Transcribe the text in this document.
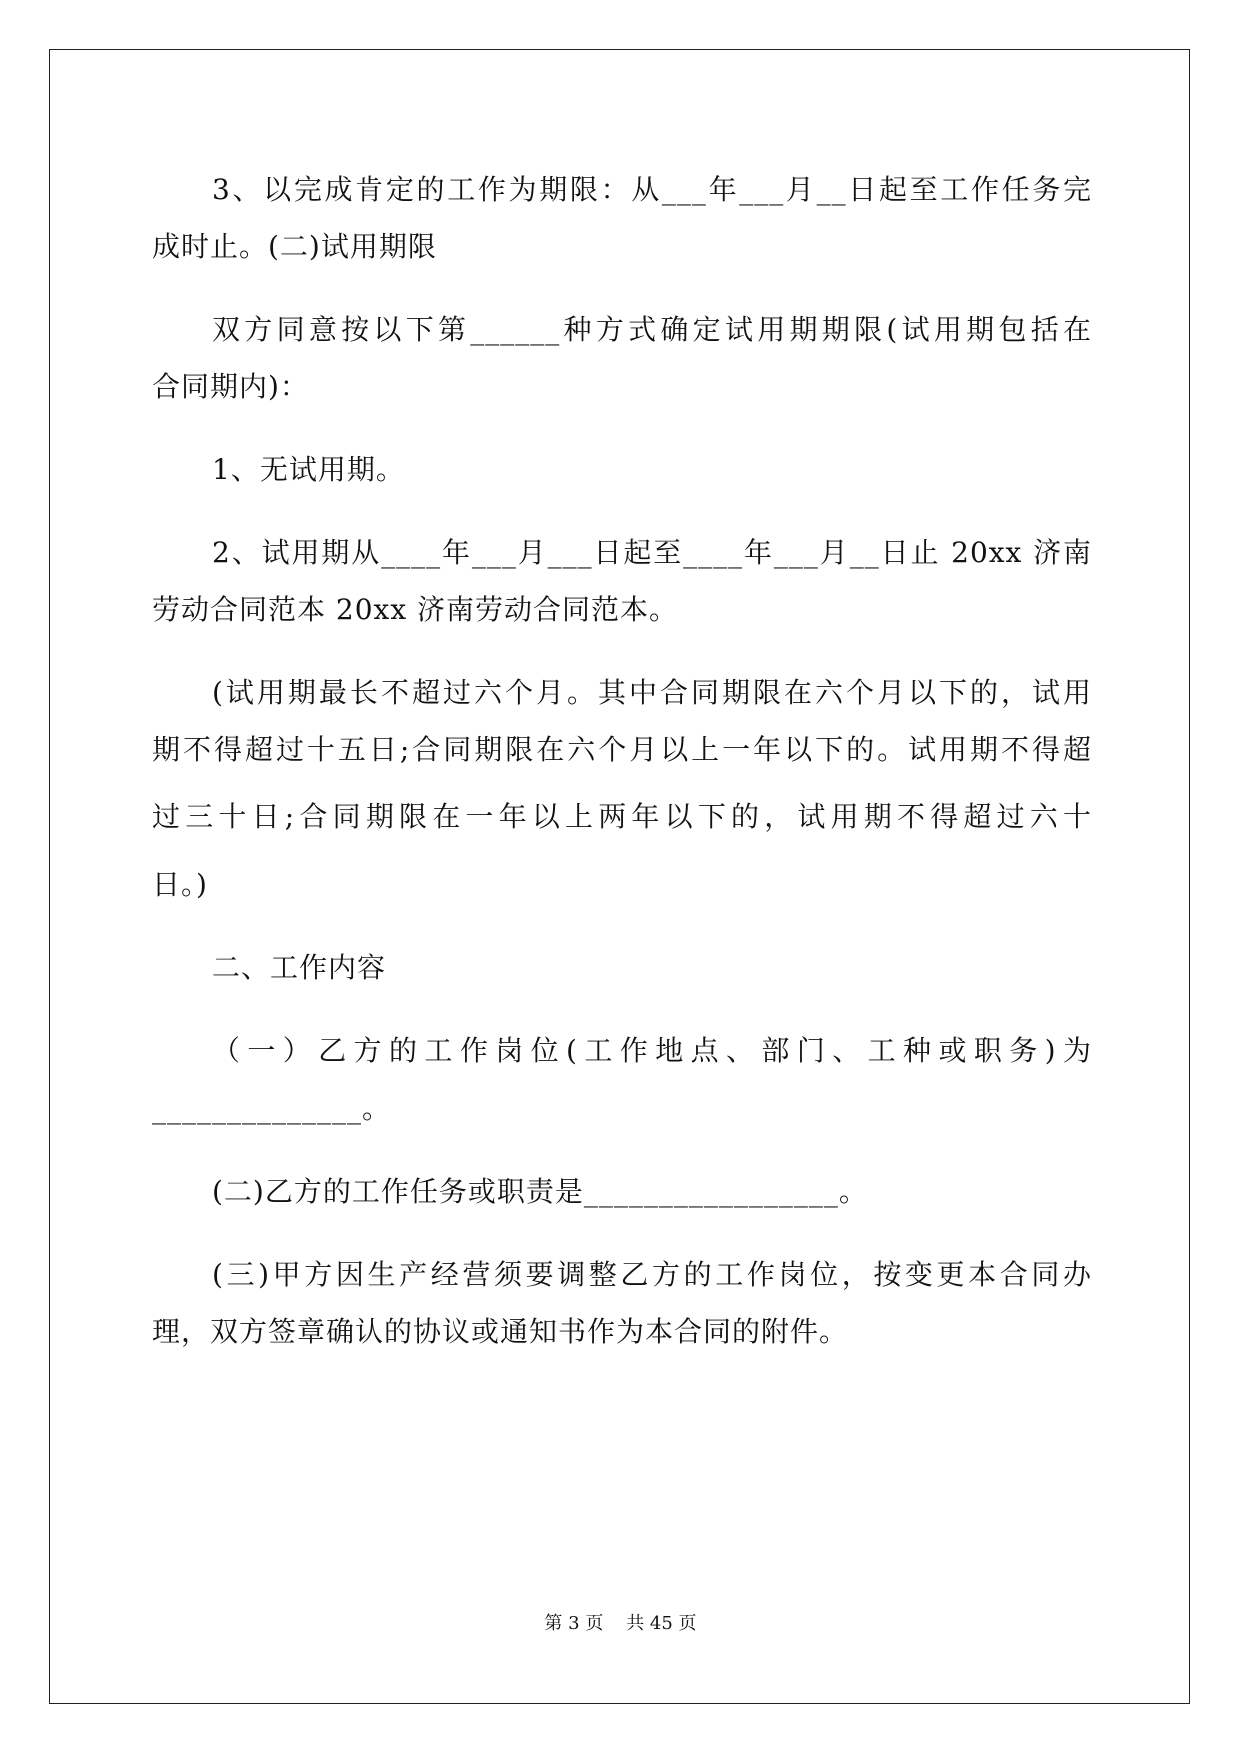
3、以完成肯定的工作为期限：从___年___月__日起至工作任务完
成时止。(二)试用期限
双方同意按以下第______种方式确定试用期期限(试用期包括在
合同期内)：
1、无试用期。
2、试用期从____年___月___日起至____年___月__日止 20xx 济南
劳动合同范本 20xx 济南劳动合同范本。
(试用期最长不超过六个月。其中合同期限在六个月以下的，试用
期不得超过十五日;合同期限在六个月以上一年以下的。试用期不得超
过三十日;合同期限在一年以上两年以下的，试用期不得超过六十
日。)
二、工作内容
（一）乙方的工作岗位(工作地点、部门、工种或职务)为
______________。
(二)乙方的工作任务或职责是_________________。
(三)甲方因生产经营须要调整乙方的工作岗位，按变更本合同办
理，双方签章确认的协议或通知书作为本合同的附件。
第 3 页    共 45 页
